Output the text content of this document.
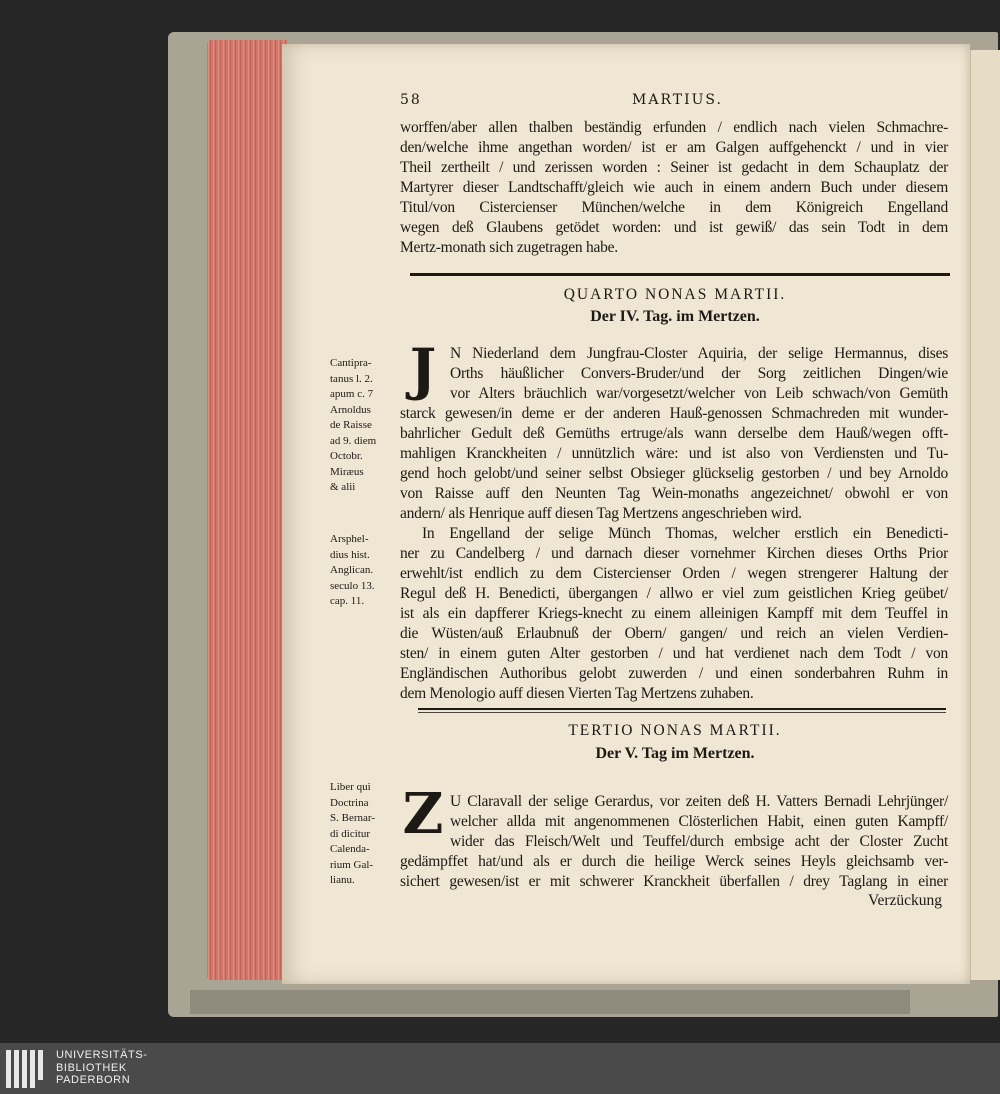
58	MARTIUS.
worffen/aber allen thalben beständig erfunden / endlich nach vielen Schmachre-
den/welche ihme angethan worden/ ist er am Galgen auffgehenckt / und in vier
Theil zertheilt / und zerissen worden : Seiner ist gedacht in dem Schauplatz der
Martyrer dieser Landtschafft/gleich wie auch in einem andern Buch under diesem
Titul/von Cistercienser München/welche in dem Königreich Engelland
wegen deß Glaubens getödet worden: und ist gewiß/ das sein Todt in dem
Mertz-monath sich zugetragen habe.
QUARTO NONAS MARTII.
Der IV. Tag. im Mertzen.
J
Cantipra-
tanus l. 2.
apum c. 7
Arnoldus
de Raisse
ad 9. diem
Octobr.
Miræus
& alii
N Niederland dem Jungfrau-Closter Aquiria, der selige Hermannus, dises
Orths häußlicher Convers-Bruder/und der Sorg zeitlichen Dingen/wie
vor Alters bräuchlich war/vorgesetzt/welcher von Leib schwach/von Gemüth
starck gewesen/in deme er der anderen Hauß-genossen Schmachreden mit wunder-
bahrlicher Gedult deß Gemüths ertruge/als wann derselbe dem Hauß/wegen offt-
mahligen Kranckheiten / unnützlich wäre: und ist also von Verdiensten und Tu-
gend hoch gelobt/und seiner selbst Obsieger glückselig gestorben / und bey Arnoldo
von Raisse auff den Neunten Tag Wein-monaths angezeichnet/ obwohl er von
andern/ als Henrique auff diesen Tag Mertzens angeschrieben wird.
In Engelland der selige Münch Thomas, welcher erstlich ein Benedicti-
ner zu Candelberg / und darnach dieser vornehmer Kirchen dieses Orths Prior
erwehlt/ist endlich zu dem Cistercienser Orden / wegen strengerer Haltung der
Regul deß H. Benedicti, übergangen / allwo er viel zum geistlichen Krieg geübet/
ist als ein dapfferer Kriegs-knecht zu einem alleinigen Kampff mit dem Teuffel in
die Wüsten/auß Erlaubnuß der Obern/ gangen/ und reich an vielen Verdien-
sten/ in einem guten Alter gestorben / und hat verdienet nach dem Todt / von
Engländischen Authoribus gelobt zuwerden / und einen sonderbahren Ruhm in
dem Menologio auff diesen Vierten Tag Mertzens zuhaben.
Arsphel-
dius hist.
Anglican.
seculo 13.
cap. 11.
TERTIO NONAS MARTII.
Der V. Tag im Mertzen.
Z
Liber qui
Doctrina
S. Bernar-
di dicitur
Calenda-
rium Gal-
lianu.
U Claravall der selige Gerardus, vor zeiten deß H. Vatters Bernadi Lehrjünger/
welcher allda mit angenommenen Clösterlichen Habit, einen guten Kampff/
wider das Fleisch/Welt und Teuffel/durch embsige acht der Closter Zucht
gedämpffet hat/und als er durch die heilige Werck seines Heyls gleichsamb ver-
sichert gewesen/ist er mit schwerer Kranckheit überfallen / drey Taglang in einer
Verzückung
UNIVERSITÄTS-
BIBLIOTHEK
PADERBORN
